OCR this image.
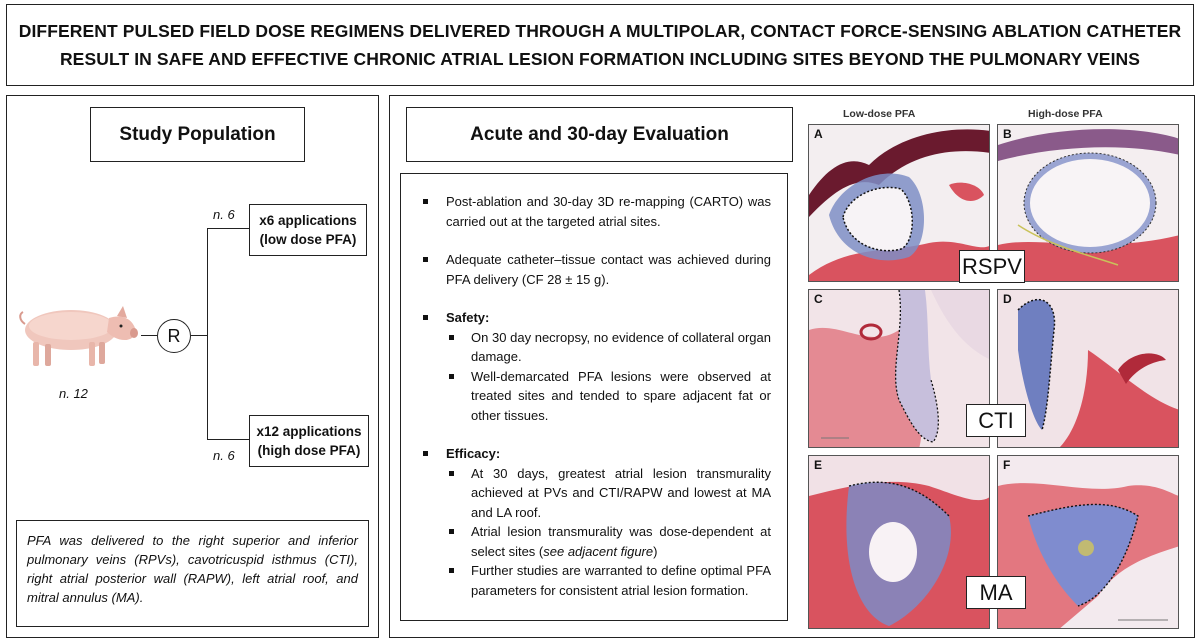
DIFFERENT PULSED FIELD DOSE REGIMENS DELIVERED THROUGH A MULTIPOLAR, CONTACT FORCE-SENSING ABLATION CATHETER
RESULT IN SAFE AND EFFECTIVE CHRONIC ATRIAL LESION FORMATION INCLUDING SITES BEYOND THE PULMONARY VEINS

Study Population
n. 12
R
n. 6 x6 applications
(low dose PFA)
n. 6
x12 applications
(high dose PFA)
PFA was delivered to the right superior and inferior pulmonary veins (RPVs), cavotricuspid isthmus (CTI), right atrial posterior wall (RAPW), left atrial roof, and mitral annulus (MA).
Acute and 30-day Evaluation
Post-ablation and 30-day 3D re-mapping (CARTO) was carried out at the targeted atrial sites.
Adequate catheter–tissue contact was achieved during PFA delivery (CF 28 ± 15 g).
Safety:
On 30 day necropsy, no evidence of collateral organ damage.
Well-demarcated PFA lesions were observed at treated sites and tended to spare adjacent fat or other tissues.
Efficacy:
At 30 days, greatest atrial lesion transmurality achieved at PVs and CTI/RAPW and lowest at MA and LA roof.
Atrial lesion transmurality was dose-dependent at select sites (see adjacent figure)
Further studies are warranted to define optimal PFA parameters for consistent atrial lesion formation.
Low-dose PFA	High-dose PFA
A	B
RSPV
C	D
CTI
E	F
MA
